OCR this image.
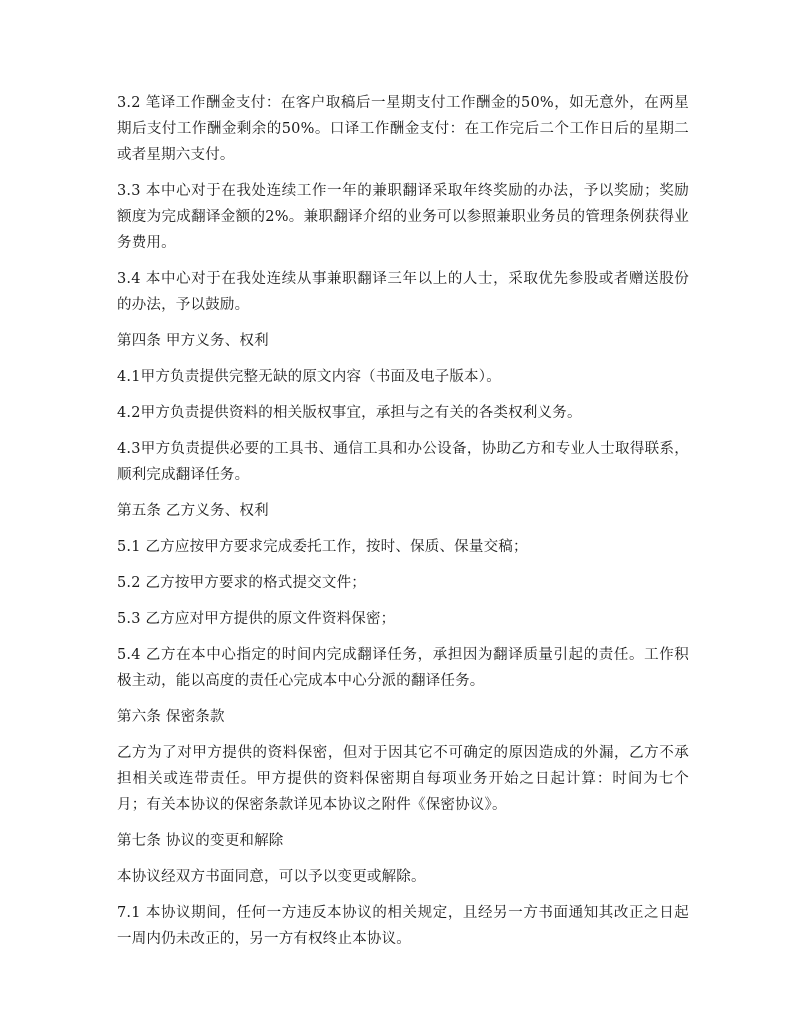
3.2 笔译工作酬金支付：在客户取稿后一星期支付工作酬金的50%，如无意外，在两星期后支付工作酬金剩余的50%。口译工作酬金支付：在工作完后二个工作日后的星期二或者星期六支付。

3.3 本中心对于在我处连续工作一年的兼职翻译采取年终奖励的办法，予以奖励；奖励额度为完成翻译金额的2%。兼职翻译介绍的业务可以参照兼职业务员的管理条例获得业务费用。

3.4 本中心对于在我处连续从事兼职翻译三年以上的人士，采取优先参股或者赠送股份的办法，予以鼓励。

第四条 甲方义务、权利

4.1甲方负责提供完整无缺的原文内容（书面及电子版本）。

4.2甲方负责提供资料的相关版权事宜，承担与之有关的各类权利义务。

4.3甲方负责提供必要的工具书、通信工具和办公设备，协助乙方和专业人士取得联系，顺利完成翻译任务。

第五条 乙方义务、权利

5.1 乙方应按甲方要求完成委托工作，按时、保质、保量交稿；

5.2 乙方按甲方要求的格式提交文件；

5.3 乙方应对甲方提供的原文件资料保密；

5.4 乙方在本中心指定的时间内完成翻译任务，承担因为翻译质量引起的责任。工作积极主动，能以高度的责任心完成本中心分派的翻译任务。

第六条 保密条款

乙方为了对甲方提供的资料保密，但对于因其它不可确定的原因造成的外漏，乙方不承担相关或连带责任。甲方提供的资料保密期自每项业务开始之日起计算：时间为七个月；有关本协议的保密条款详见本协议之附件《保密协议》。

第七条 协议的变更和解除

本协议经双方书面同意，可以予以变更或解除。

7.1 本协议期间，任何一方违反本协议的相关规定，且经另一方书面通知其改正之日起一周内仍未改正的，另一方有权终止本协议。
